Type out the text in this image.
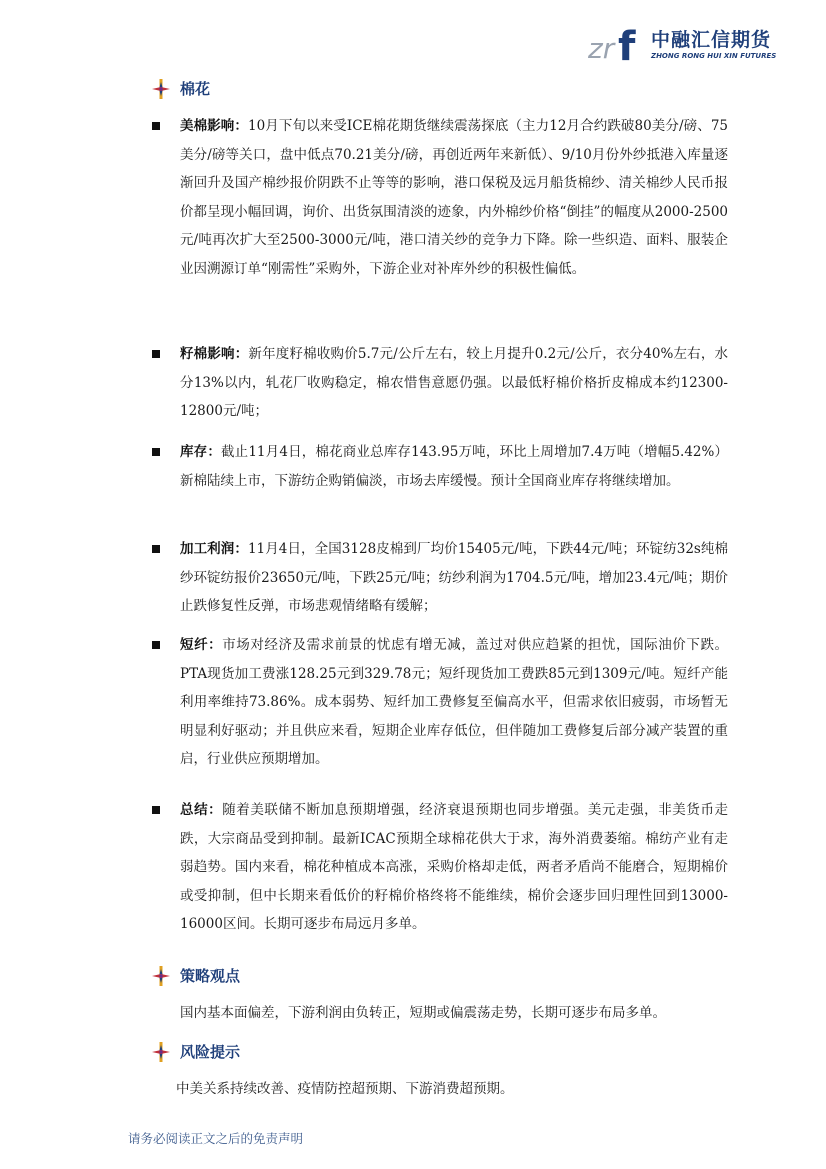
zr f 中融汇信期货
ZHONG RONG HUI XIN FUTURES
棉花
美棉影响：10月下旬以来受ICE棉花期货继续震荡探底（主力12月合约跌破80美分/磅、75美分/磅等关口，盘中低点70.21美分/磅，再创近两年来新低）、9/10月份外纱抵港入库量逐渐回升及国产棉纱报价阴跌不止等等的影响，港口保税及远月船货棉纱、清关棉纱人民币报价都呈现小幅回调，询价、出货氛围清淡的迹象，内外棉纱价格“倒挂”的幅度从2000-2500元/吨再次扩大至2500-3000元/吨，港口清关纱的竞争力下降。除一些织造、面料、服装企业因溯源订单“刚需性”采购外，下游企业对补库外纱的积极性偏低。
籽棉影响：新年度籽棉收购价5.7元/公斤左右，较上月提升0.2元/公斤，衣分40%左右，水分13%以内，轧花厂收购稳定，棉农惜售意愿仍强。以最低籽棉价格折皮棉成本约12300-12800元/吨；
库存：截止11月4日，棉花商业总库存143.95万吨，环比上周增加7.4万吨（增幅5.42%）新棉陆续上市，下游纺企购销偏淡，市场去库缓慢。预计全国商业库存将继续增加。
加工利润：11月4日，全国3128皮棉到厂均价15405元/吨，下跌44元/吨；环锭纺32s纯棉纱环锭纺报价23650元/吨，下跌25元/吨；纺纱利润为1704.5元/吨，增加23.4元/吨；期价止跌修复性反弹，市场悲观情绪略有缓解；
短纤：市场对经济及需求前景的忧虑有增无减，盖过对供应趋紧的担忧，国际油价下跌。PTA现货加工费涨128.25元到329.78元；短纤现货加工费跌85元到1309元/吨。短纤产能利用率维持73.86%。成本弱势、短纤加工费修复至偏高水平，但需求依旧疲弱，市场暂无明显利好驱动；并且供应来看，短期企业库存低位，但伴随加工费修复后部分减产装置的重启，行业供应预期增加。
总结：随着美联储不断加息预期增强，经济衰退预期也同步增强。美元走强，非美货币走跌，大宗商品受到抑制。最新ICAC预期全球棉花供大于求，海外消费萎缩。棉纺产业有走弱趋势。国内来看，棉花种植成本高涨，采购价格却走低，两者矛盾尚不能磨合，短期棉价或受抑制，但中长期来看低价的籽棉价格终将不能维续，棉价会逐步回归理性回到13000-16000区间。长期可逐步布局远月多单。
策略观点
国内基本面偏差，下游利润由负转正，短期或偏震荡走势，长期可逐步布局多单。
风险提示
中美关系持续改善、疫情防控超预期、下游消费超预期。
请务必阅读正文之后的免责声明
